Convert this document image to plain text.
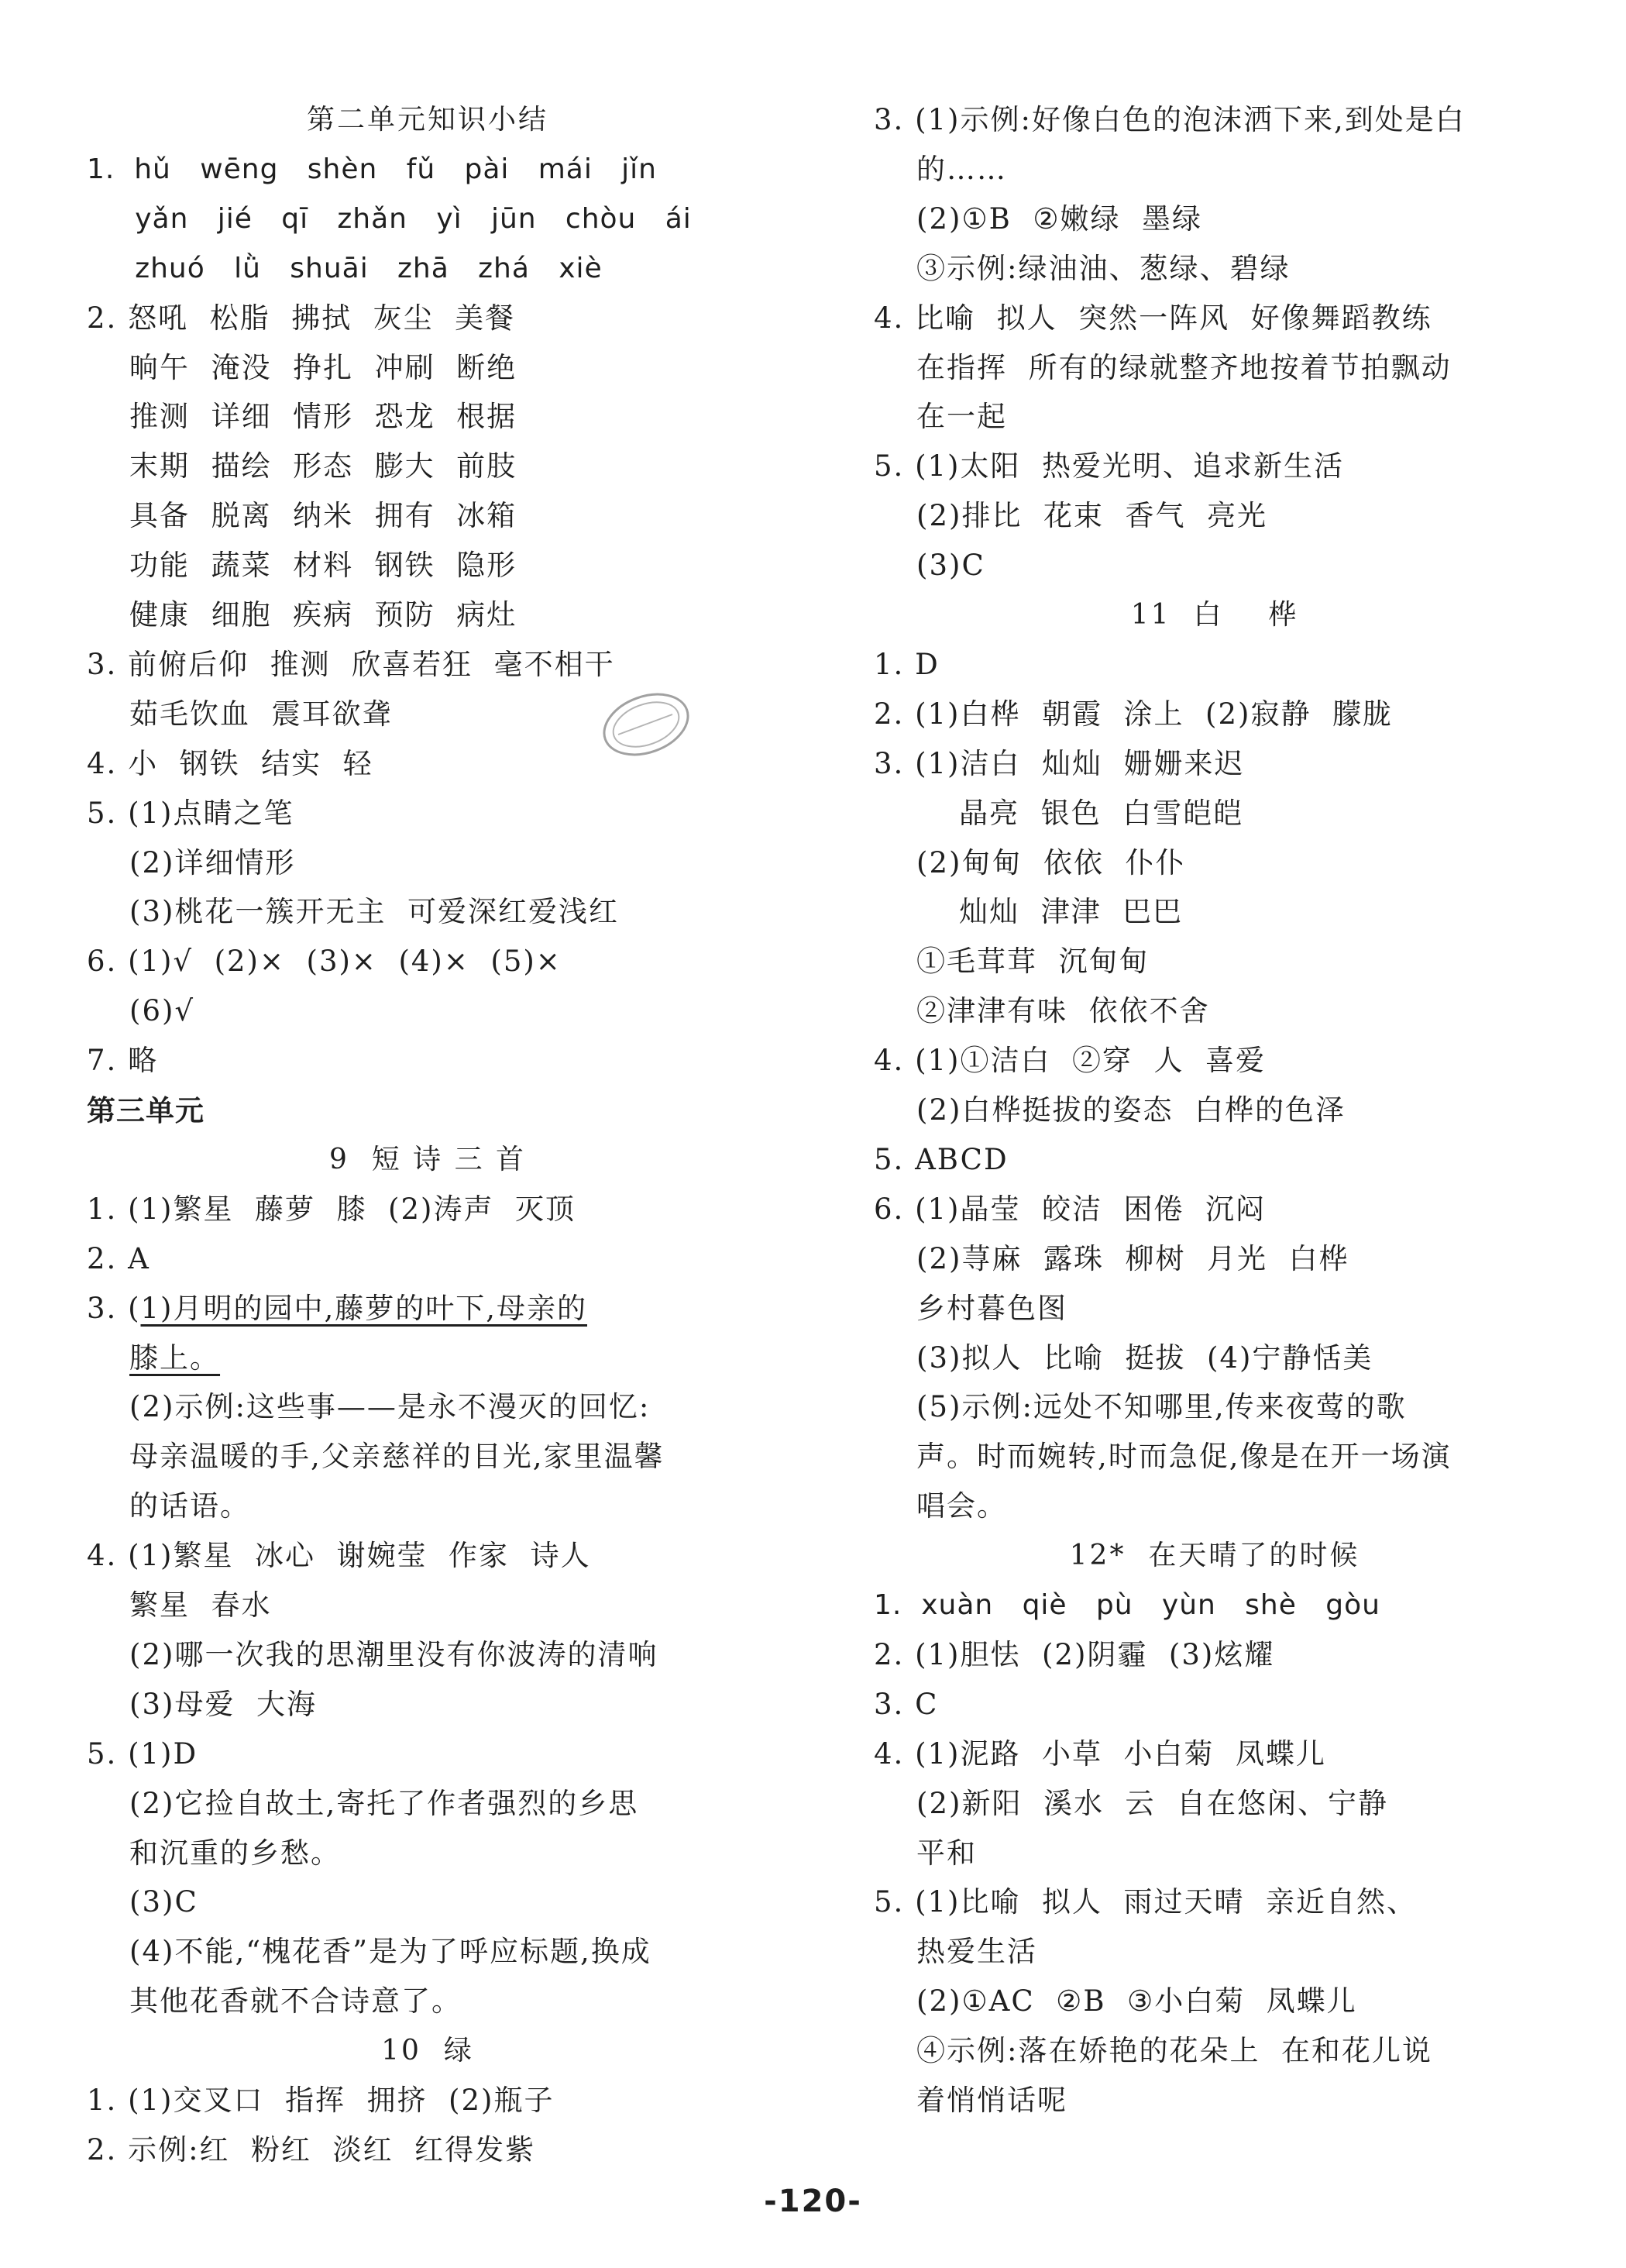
第二单元知识小结
1.  hǔ   wēng   shèn   fǔ   pài   mái   jǐn
yǎn   jié   qī   zhǎn   yì   jūn   chòu   ái
zhuó   lǜ   shuāi   zhā   zhá   xiè
2. 怒吼  松脂  拂拭  灰尘  美餐
晌午  淹没  挣扎  冲刷  断绝
推测  详细  情形  恐龙  根据
末期  描绘  形态  膨大  前肢
具备  脱离  纳米  拥有  冰箱
功能  蔬菜  材料  钢铁  隐形
健康  细胞  疾病  预防  病灶
3. 前俯后仰  推测  欣喜若狂  毫不相干
茹毛饮血  震耳欲聋
4. 小  钢铁  结实  轻
5. (1)点睛之笔
(2)详细情形
(3)桃花一簇开无主  可爱深红爱浅红
6. (1)√  (2)×  (3)×  (4)×  (5)×
(6)√
7. 略
第三单元
9  短 诗 三 首
1. (1)繁星  藤萝  膝  (2)涛声  灭顶
2. A
3. (1)月明的园中,藤萝的叶下,母亲的
膝上。
(2)示例:这些事——是永不漫灭的回忆:
母亲温暖的手,父亲慈祥的目光,家里温馨
的话语。
4. (1)繁星  冰心  谢婉莹  作家  诗人
繁星  春水
(2)哪一次我的思潮里没有你波涛的清响
(3)母爱  大海
5. (1)D
(2)它捡自故土,寄托了作者强烈的乡思
和沉重的乡愁。
(3)C
(4)不能,“槐花香”是为了呼应标题,换成
其他花香就不合诗意了。
10  绿
1. (1)交叉口  指挥  拥挤  (2)瓶子
2. 示例:红  粉红  淡红  红得发紫
3. (1)示例:好像白色的泡沫洒下来,到处是白
的……
(2)①B  ②嫩绿  墨绿
③示例:绿油油、葱绿、碧绿
4. 比喻  拟人  突然一阵风  好像舞蹈教练
在指挥  所有的绿就整齐地按着节拍飘动
在一起
5. (1)太阳  热爱光明、追求新生活
(2)排比  花束  香气  亮光
(3)C
11  白    桦
1. D
2. (1)白桦  朝霞  涂上  (2)寂静  朦胧
3. (1)洁白  灿灿  姗姗来迟
晶亮  银色  白雪皑皑
(2)甸甸  依依  仆仆
灿灿  津津  巴巴
①毛茸茸  沉甸甸
②津津有味  依依不舍
4. (1)①洁白  ②穿  人  喜爱
(2)白桦挺拔的姿态  白桦的色泽
5. ABCD
6. (1)晶莹  皎洁  困倦  沉闷
(2)荨麻  露珠  柳树  月光  白桦
乡村暮色图
(3)拟人  比喻  挺拔  (4)宁静恬美
(5)示例:远处不知哪里,传来夜莺的歌
声。时而婉转,时而急促,像是在开一场演
唱会。
12*  在天晴了的时候
1.  xuàn   qiè   pù   yùn   shè   gòu
2. (1)胆怯  (2)阴霾  (3)炫耀
3. C
4. (1)泥路  小草  小白菊  凤蝶儿
(2)新阳  溪水  云  自在悠闲、宁静
平和
5. (1)比喻  拟人  雨过天晴  亲近自然、
热爱生活
(2)①AC  ②B  ③小白菊  凤蝶儿
④示例:落在娇艳的花朵上  在和花儿说
着悄悄话呢
-120-
